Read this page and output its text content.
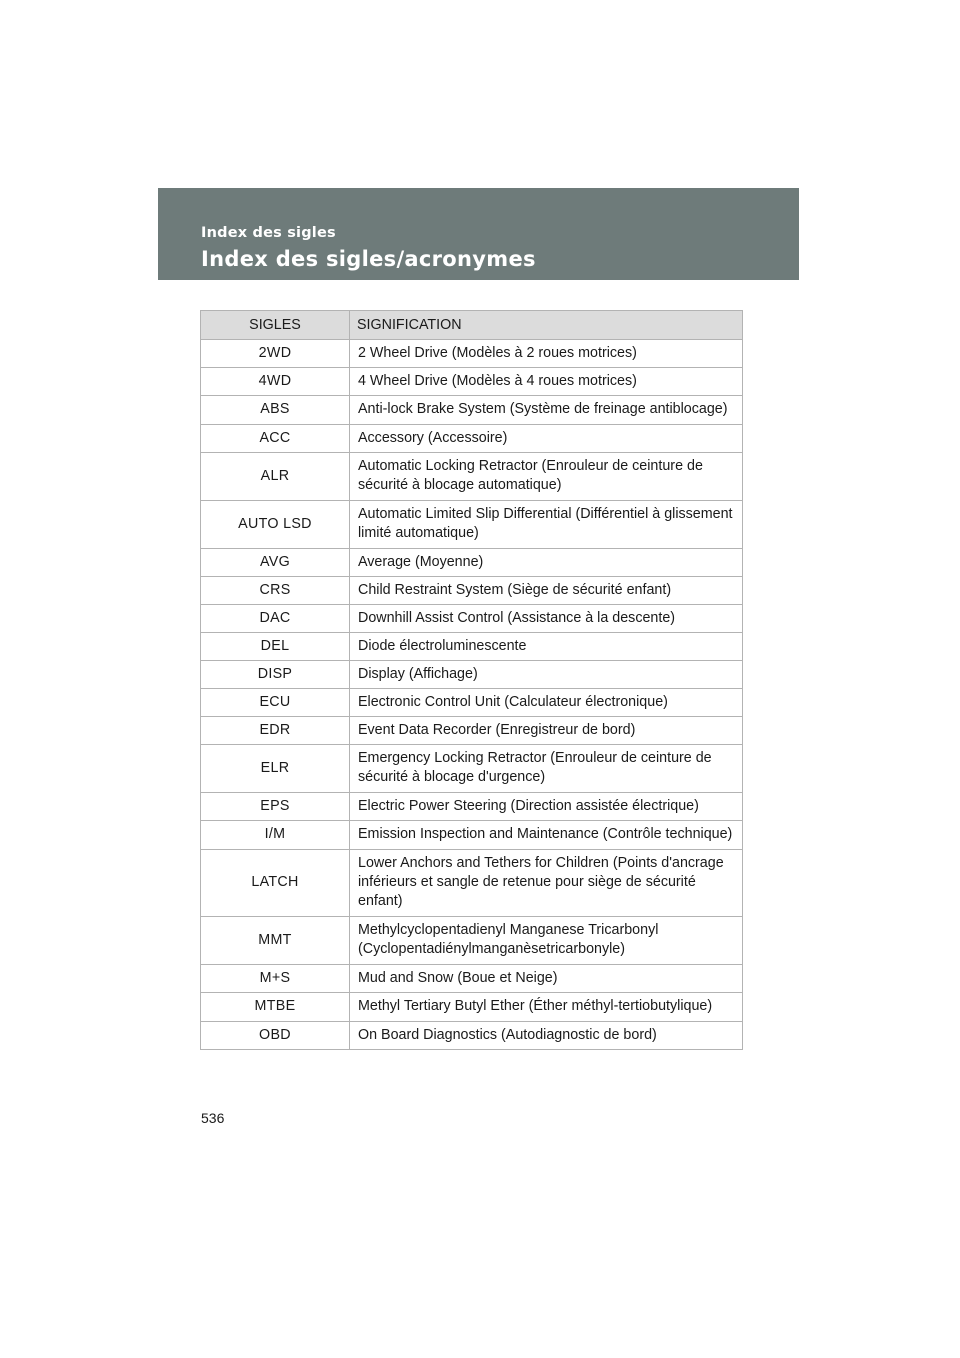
Index des sigles
Index des sigles/acronymes
SIGLES	SIGNIFICATION
2WD	2 Wheel Drive (Modèles à 2 roues motrices)
4WD	4 Wheel Drive (Modèles à 4 roues motrices)
ABS	Anti-lock Brake System (Système de freinage antiblocage)
ACC	Accessory (Accessoire)
ALR	Automatic Locking Retractor (Enrouleur de ceinture de sécurité à blocage automatique)
AUTO LSD	Automatic Limited Slip Differential (Différentiel à glissement limité automatique)
AVG	Average (Moyenne)
CRS	Child Restraint System (Siège de sécurité enfant)
DAC	Downhill Assist Control (Assistance à la descente)
DEL	Diode électroluminescente
DISP	Display (Affichage)
ECU	Electronic Control Unit (Calculateur électronique)
EDR	Event Data Recorder (Enregistreur de bord)
ELR	Emergency Locking Retractor (Enrouleur de ceinture de sécurité à blocage d'urgence)
EPS	Electric Power Steering (Direction assistée électrique)
I/M	Emission Inspection and Maintenance (Contrôle technique)
LATCH	Lower Anchors and Tethers for Children (Points d'ancrage inférieurs et sangle de retenue pour siège de sécurité enfant)
MMT	Methylcyclopentadienyl Manganese Tricarbonyl (Cyclopentadiénylmanganèsetricarbonyle)
M+S	Mud and Snow (Boue et Neige)
MTBE	Methyl Tertiary Butyl Ether (Éther méthyl-tertiobutylique)
OBD	On Board Diagnostics (Autodiagnostic de bord)
536
